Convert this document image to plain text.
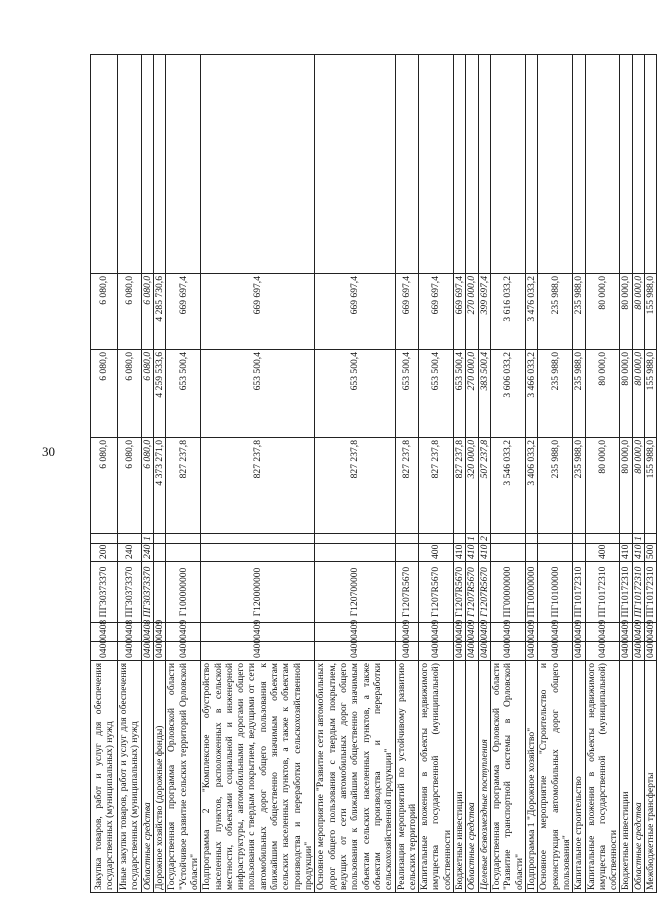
30
Закупка товаров, работ и услуг для обеспечения государственных (муниципальных) нужд	0400	0408	ПГ30373370	200		6 080,0	6 080,0	6 080,0	
Иные закупки товаров, работ и услуг для обеспечения государственных (муниципальных) нужд	0400	0408	ПГ30373370	240		6 080,0	6 080,0	6 080,0	
Областные средства	0400	0408	ПГ30373370	240	1	6 080,0	6 080,0	6 080,0	
Дорожное хозяйство (дорожные фонды)	0400	0409				4 373 271,0	4 259 533,6	4 285 730,6	
Государственная программа Орловской области "Устойчивое развитие сельских территорий Орловской области"	0400	0409	Г100000000			827 237,8	653 500,4	669 697,4	
Подпрограмма 2 "Комплексное обустройство населенных пунктов, расположенных в сельской местности, объектами социальной и инженерной инфраструктуры, автомобильными дорогами общего пользования с твердым покрытием, ведущими от сети автомобильных дорог общего пользования к ближайшим общественно значимым объектам сельских населенных пунктов, а также к объектам производства и переработки сельскохозяйственной продукции"	0400	0409	Г120000000			827 237,8	653 500,4	669 697,4	
Основное мероприятие "Развитие сети автомобильных дорог общего пользования с твердым покрытием, ведущих от сети автомобильных дорог общего пользования к ближайшим общественно значимым объектам сельских населенных пунктов, а также объектам производства и переработки сельскохозяйственной продукции"	0400	0409	Г120700000			827 237,8	653 500,4	669 697,4	
Реализация мероприятий по устойчивому развитию сельских территорий	0400	0409	Г1207R5670			827 237,8	653 500,4	669 697,4	
Капитальные вложения в объекты недвижимого имущества государственной (муниципальной) собственности	0400	0409	Г1207R5670	400		827 237,8	653 500,4	669 697,4	
Бюджетные инвестиции	0400	0409	Г1207R5670	410		827 237,8	653 500,4	669 697,4	
Областные средства	0400	0409	Г1207R5670	410	1	320 000,0	270 000,0	270 000,0	
Целевые безвозмездные поступления	0400	0409	Г1207R5670	410	2	507 237,8	383 500,4	399 697,4	
Государственная программа Орловской области "Развитие транспортной системы в Орловской области"	0400	0409	ПГ00000000			3 546 033,2	3 606 033,2	3 616 033,2	
Подпрограмма 1 "Дорожное хозяйство"	0400	0409	ПГ10000000			3 406 033,2	3 466 033,2	3 476 033,2	
Основное мероприятие "Строительство и реконструкция автомобильных дорог общего пользования"	0400	0409	ПГ10100000			235 988,0	235 988,0	235 988,0	
Капитальное строительство	0400	0409	ПГ10172310			235 988,0	235 988,0	235 988,0	
Капитальные вложения в объекты недвижимого имущества государственной (муниципальной) собственности	0400	0409	ПГ10172310	400		80 000,0	80 000,0	80 000,0	
Бюджетные инвестиции	0400	0409	ПГ10172310	410		80 000,0	80 000,0	80 000,0	
Областные средства	0400	0409	ПГ10172310	410	1	80 000,0	80 000,0	80 000,0	
Межбюджетные трансферты	0400	0409	ПГ10172310	500		155 988,0	155 988,0	155 988,0	
